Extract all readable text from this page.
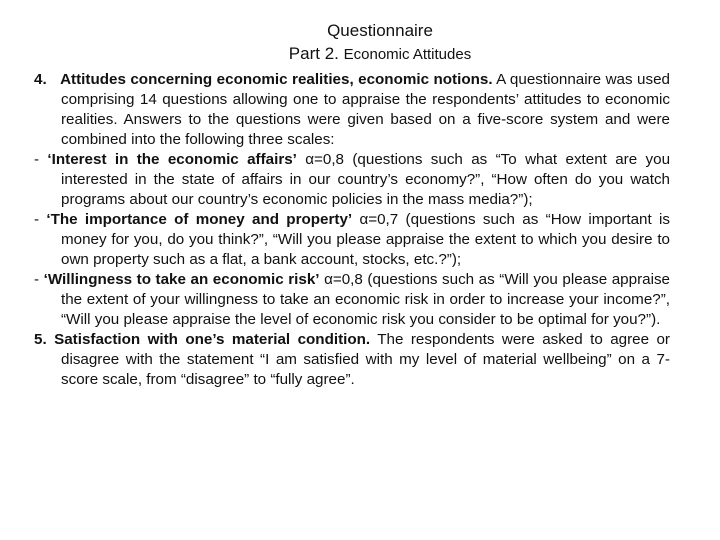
Questionnaire
Part 2. Economic Attitudes

4. Attitudes concerning economic realities, economic notions. A questionnaire was used comprising 14 questions allowing one to appraise the respondents’ attitudes to economic realities. Answers to the questions were given based on a five-score system and were combined into the following three scales:

- ‘Interest in the economic affairs’ α=0,8 (questions such as “To what extent are you interested in the state of affairs in our country’s economy?”, “How often do you watch programs about our country’s economic policies in the mass media?”);

- ‘The importance of money and property’ α=0,7 (questions such as “How important is money for you, do you think?”, “Will you please appraise the extent to which you desire to own property such as a flat, a bank account, stocks, etc.?”);

- ‘Willingness to take an economic risk’ α=0,8 (questions such as “Will you please appraise the extent of your willingness to take an economic risk in order to increase your income?”, “Will you please appraise the level of economic risk you consider to be optimal for you?”).

5. Satisfaction with one’s material condition. The respondents were asked to agree or disagree with the statement “I am satisfied with my level of material wellbeing” on a 7-score scale, from “disagree” to “fully agree”.
